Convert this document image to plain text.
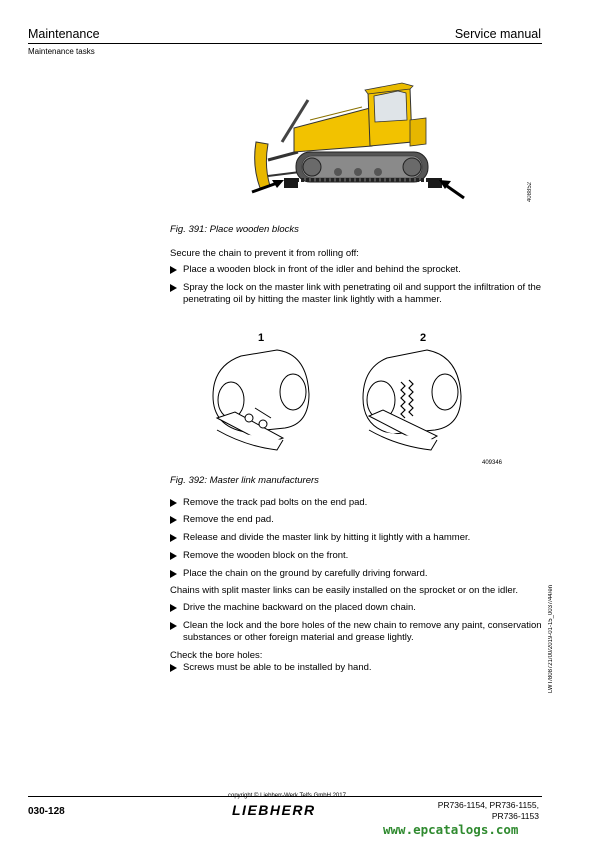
Maintenance	Service manual
Maintenance tasks
408852
Fig. 391: Place wooden blocks
Secure the chain to prevent it from rolling off:
Place a wooden block in front of the idler and behind the sprocket.
Spray the lock on the master link with penetrating oil and support the infiltration of the penetrating oil by hitting the master link lightly with a hammer.
1	2
409346
Fig. 392: Master link manufacturers
Remove the track pad bolts on the end pad.
Remove the end pad.
Release and divide the master link by hitting it lightly with a hammer.
Remove the wooden block on the front.
Place the chain on the ground by carefully driving forward.
Chains with split master links can be easily installed on the sprocket or on the idler.
Drive the machine backward on the placed down chain.
Clean the lock and the bore holes of the new chain to remove any paint, conservation substances or other foreign material and grease lightly.
Check the bore holes:
Screws must be able to be installed by hand.	LWT/808721/00/2019-01-15_0037/44/en
030-128
copyright © Liebherr-Werk Telfs GmbH 2017
LIEBHERR	PR736-1154, PR736-1155,
PR736-1153
www.epcatalogs.com
